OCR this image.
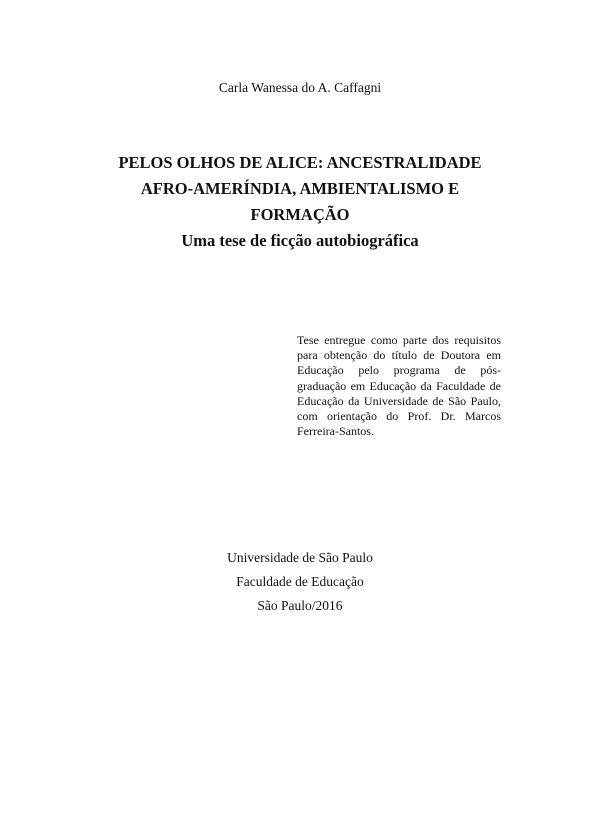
Carla Wanessa do A. Caffagni
PELOS OLHOS DE ALICE: ANCESTRALIDADE
AFRO-AMERÍNDIA, AMBIENTALISMO E
FORMAÇÃO
Uma tese de ficção autobiográfica
Tese entregue como parte dos requisitos para obtenção do título de Doutora em Educação pelo programa de pós-graduação em Educação da Faculdade de Educação da Universidade de São Paulo, com orientação do Prof. Dr. Marcos Ferreira-Santos.
Universidade de São Paulo
Faculdade de Educação
São Paulo/2016
